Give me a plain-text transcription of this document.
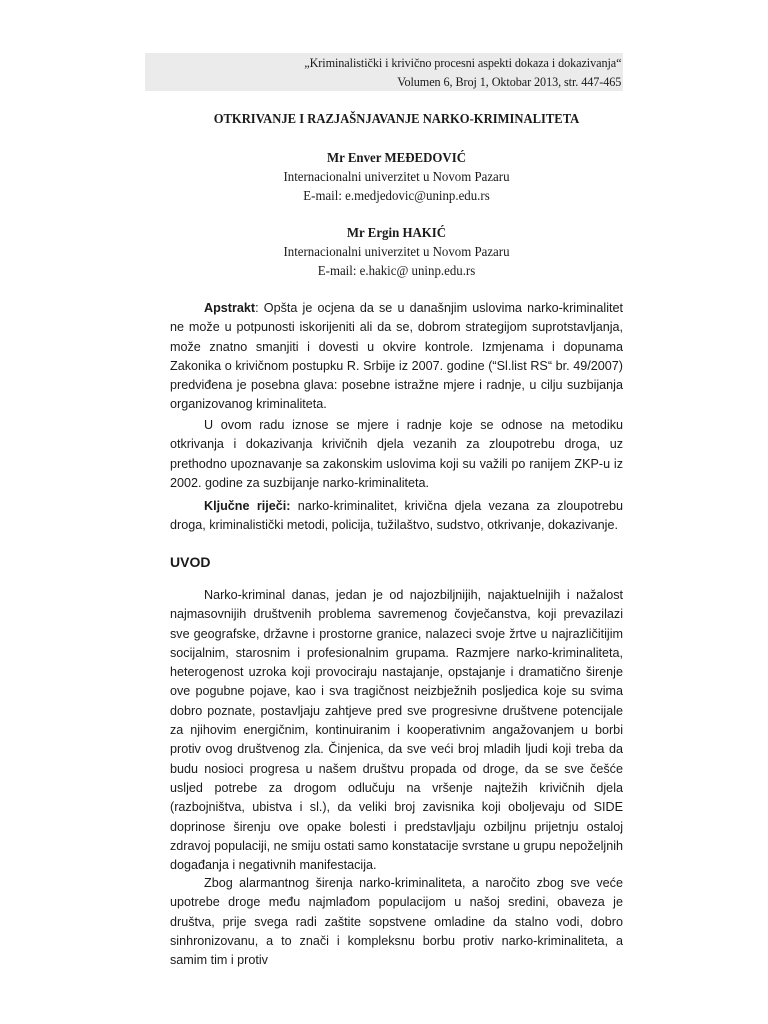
„Kriminalistički i krivično procesni aspekti dokaza i dokazivanja“
Volumen 6, Broj 1, Oktobar 2013, str. 447-465
OTKRIVANJE I RAZJAŠNJAVANJE NARKO-KRIMINALITETA
Mr Enver MEĐEDOVIĆ
Internacionalni univerzitet u Novom Pazaru
E-mail: e.medjedovic@uninp.edu.rs
Mr Ergin HAKIĆ
Internacionalni univerzitet u Novom Pazaru
E-mail: e.hakic@ uninp.edu.rs

Apstrakt: Opšta je ocjena da se u današnjim uslovima narko-kriminalitet ne može u potpunosti iskorijeniti ali da se, dobrom strategijom suprotstavljanja, može znatno smanjiti i dovesti u okvire kontrole. Izmjenama i dopunama Zakonika o krivičnom postupku R. Srbije iz 2007. godine (“Sl.list RS“ br. 49/2007) predviđena je posebna glava: posebne istražne mjere i radnje, u cilju suzbijanja organizovanog kriminaliteta.

U ovom radu iznose se mjere i radnje koje se odnose na metodiku otkrivanja i dokazivanja krivičnih djela vezanih za zloupotrebu droga, uz prethodno upoznavanje sa zakonskim uslovima koji su važili po ranijem ZKP-u iz 2002. godine za suzbijanje narko-kriminaliteta.

Ključne riječi: narko-kriminalitet, krivična djela vezana za zloupotrebu droga, kriminalistički metodi, policija, tužilaštvo, sudstvo, otkrivanje, dokazivanje.

UVOD

Narko-kriminal danas, jedan je od najozbiljnijih, najaktuelnijih i nažalost najmasovnijih društvenih problema savremenog čovječanstva, koji prevazilazi sve geografske, državne i prostorne granice, nalazeci svoje žrtve u najrazličitijim socijalnim, starosnim i profesionalnim grupama. Razmjere narko-kriminaliteta, heterogenost uzroka koji provociraju nastajanje, opstajanje i dramatično širenje ove pogubne pojave, kao i sva tragičnost neizbježnih posljedica koje su svima dobro poznate, postavljaju zahtjeve pred sve progresivne društvene potencijale za njihovim energičnim, kontinuiranim i kooperativnim angažovanjem u borbi protiv ovog društvenog zla. Činjenica, da sve veći broj mladih ljudi koji treba da budu nosioci progresa u našem društvu propada od droge, da se sve češće usljed potrebe za drogom odlučuju na vršenje najtežih krivičnih djela (razbojništva, ubistva i sl.), da veliki broj zavisnika koji oboljevaju od SIDE doprinose širenju ove opake bolesti i predstavljaju ozbiljnu prijetnju ostaloj zdravoj populaciji, ne smiju ostati samo konstatacije svrstane u grupu nepoželjnih događanja i negativnih manifestacija.

Zbog alarmantnog širenja narko-kriminaliteta, a naročito zbog sve veće upotrebe droge među najmlađom populacijom u našoj sredini, obaveza je društva, prije svega radi zaštite sopstvene omladine da stalno vodi, dobro sinhronizovanu, a to znači i kompleksnu borbu protiv narko-kriminaliteta, a samim tim i protiv
